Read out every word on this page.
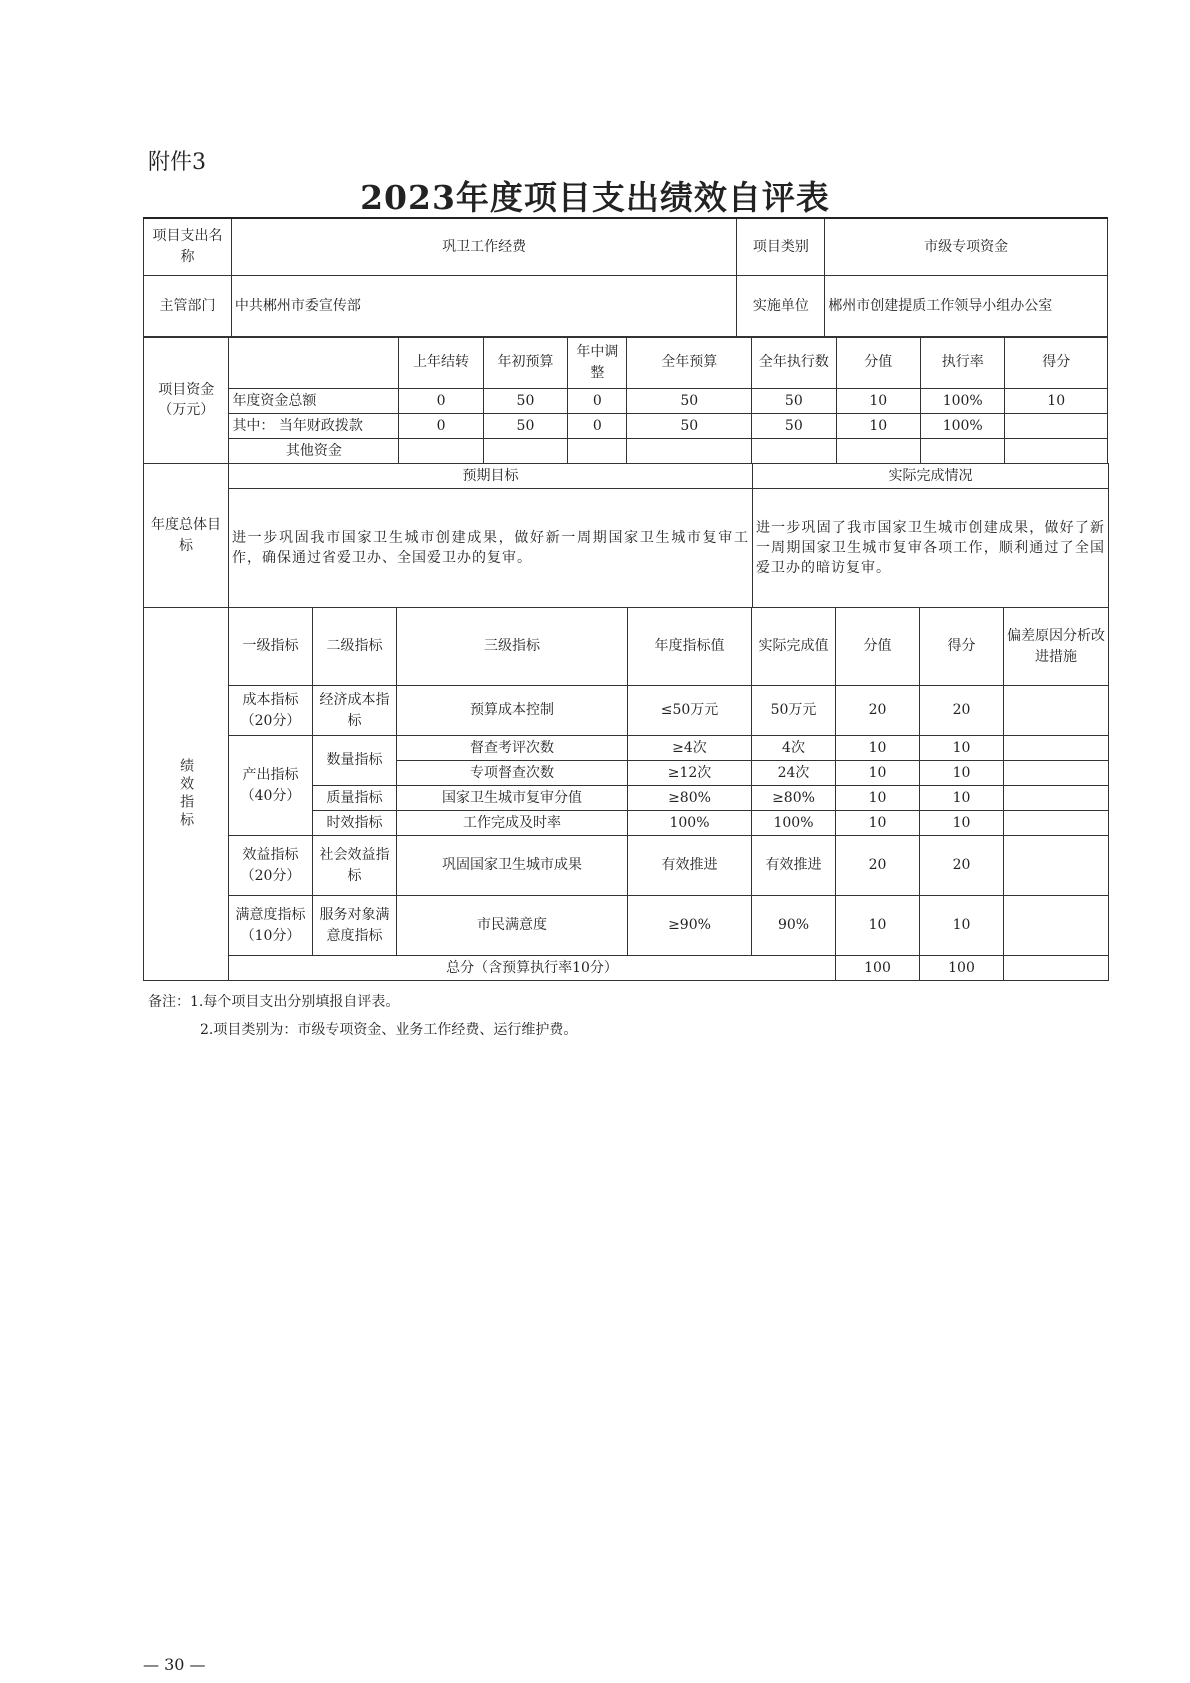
附件3
2023年度项目支出绩效自评表
项目支出名称	巩卫工作经费	项目类别	市级专项资金
主管部门	中共郴州市委宣传部	实施单位	郴州市创建提质工作领导小组办公室
项目资金（万元）		上年结转	年初预算	年中调整	全年预算	全年执行数	分值	执行率	得分
	年度资金总额	0	50	0	50	50	10	100%	10
	其中： 当年财政拨款	0	50	0	50	50	10	100%	
	其他资金								
年度总体目标	预期目标	实际完成情况
	进一步巩固我市国家卫生城市创建成果，做好新一周期国家卫生城市复审工作，确保通过省爱卫办、全国爱卫办的复审。	进一步巩固了我市国家卫生城市创建成果，做好了新一周期国家卫生城市复审各项工作，顺利通过了全国爱卫办的暗访复审。
绩效指标	一级指标	二级指标	三级指标	年度指标值	实际完成值	分值	得分	偏差原因分析改进措施
	成本指标（20分）	经济成本指标	预算成本控制	≤50万元	50万元	20	20	
	产出指标（40分）	数量指标	督查考评次数	≥4次	4次	10	10	
			专项督查次数	≥12次	24次	10	10	
		质量指标	国家卫生城市复审分值	≥80%	≥80%	10	10	
		时效指标	工作完成及时率	100%	100%	10	10	
	效益指标（20分）	社会效益指标	巩固国家卫生城市成果	有效推进	有效推进	20	20	
	满意度指标（10分）	服务对象满意度指标	市民满意度	≥90%	90%	10	10	
	总分（含预算执行率10分）					100	100	
备注：1.每个项目支出分别填报自评表。
2.项目类别为：市级专项资金、业务工作经费、运行维护费。
— 30 —
